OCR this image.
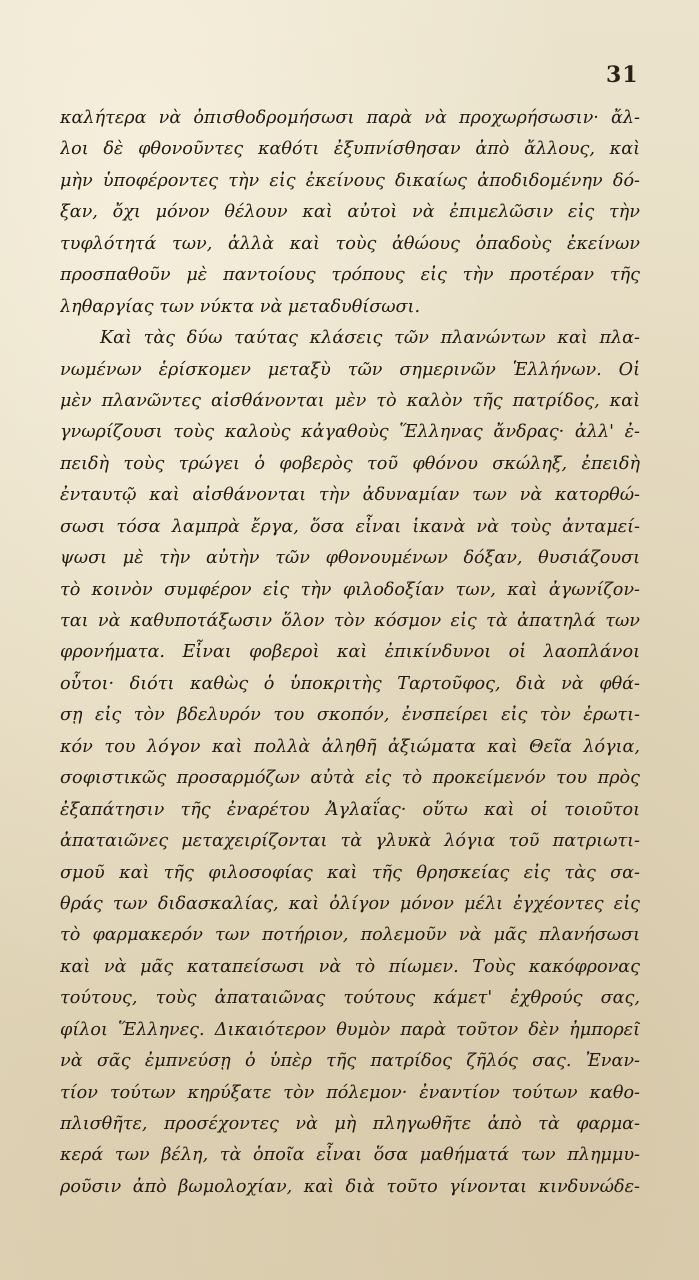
31
καλήτερα νὰ ὀπισθοδρομήσωσι παρὰ νὰ προχωρήσωσιν· ἄλ-
λοι δὲ φθονοῦντες καθότι ἐξυπνίσθησαν ἀπὸ ἄλλους, καὶ
μὴν ὑποφέροντες τὴν εἰς ἐκείνους δικαίως ἀποδιδομένην δό-
ξαν, ὄχι μόνον θέλουν καὶ αὐτοὶ νὰ ἐπιμελῶσιν εἰς τὴν
τυφλότητά των, ἀλλὰ καὶ τοὺς ἀθώους ὀπαδοὺς ἐκείνων
προσπαθοῦν μὲ παντοίους τρόπους εἰς τὴν προτέραν τῆς
ληθαργίας των νύκτα νὰ μεταδυθίσωσι.
Καὶ τὰς δύω ταύτας κλάσεις τῶν πλανώντων καὶ πλα-
νωμένων ἑρίσκομεν μεταξὺ τῶν σημερινῶν Ἑλλήνων. Οἱ
μὲν πλανῶντες αἰσθάνονται μὲν τὸ καλὸν τῆς πατρίδος, καὶ
γνωρίζουσι τοὺς καλοὺς κἀγαθοὺς Ἕλληνας ἄνδρας· ἀλλ' ἐ-
πειδὴ τοὺς τρώγει ὁ φοβερὸς τοῦ φθόνου σκώληξ, ἐπειδὴ
ἐνταυτῷ καὶ αἰσθάνονται τὴν ἀδυναμίαν των νὰ κατορθώ-
σωσι τόσα λαμπρὰ ἔργα, ὅσα εἶναι ἱκανὰ νὰ τοὺς ἀνταμεί-
ψωσι μὲ τὴν αὐτὴν τῶν φθονουμένων δόξαν, θυσιάζουσι
τὸ κοινὸν συμφέρον εἰς τὴν φιλοδοξίαν των, καὶ ἀγωνίζον-
ται νὰ καθυποτάξωσιν ὅλον τὸν κόσμον εἰς τὰ ἀπατηλά των
φρονήματα. Εἶναι φοβεροὶ καὶ ἐπικίνδυνοι οἱ λαοπλάνοι
οὗτοι· διότι καθὼς ὁ ὑποκριτὴς Ταρτοῦφος, διὰ νὰ φθά-
σῃ εἰς τὸν βδελυρόν του σκοπόν, ἐνσπείρει εἰς τὸν ἐρωτι-
κόν του λόγον καὶ πολλὰ ἀληθῆ ἀξιώματα καὶ Θεῖα λόγια,
σοφιστικῶς προσαρμόζων αὐτὰ εἰς τὸ προκείμενόν του πρὸς
ἐξαπάτησιν τῆς ἐναρέτου Ἀγλαΐας· οὕτω καὶ οἱ τοιοῦτοι
ἀπαταιῶνες μεταχειρίζονται τὰ γλυκὰ λόγια τοῦ πατριωτι-
σμοῦ καὶ τῆς φιλοσοφίας καὶ τῆς θρησκείας εἰς τὰς σα-
θράς των διδασκαλίας, καὶ ὀλίγον μόνον μέλι ἐγχέοντες εἰς
τὸ φαρμακερόν των ποτήριον, πολεμοῦν νὰ μᾶς πλανήσωσι
καὶ νὰ μᾶς καταπείσωσι νὰ τὸ πίωμεν. Τοὺς κακόφρονας
τούτους, τοὺς ἀπαταιῶνας τούτους κάμετ' ἐχθρούς σας,
φίλοι Ἕλληνες. Δικαιότερον θυμὸν παρὰ τοῦτον δὲν ἠμπορεῖ
νὰ σᾶς ἐμπνεύσῃ ὁ ὑπὲρ τῆς πατρίδος ζῆλός σας. Ἐναν-
τίον τούτων κηρύξατε τὸν πόλεμον· ἐναντίον τούτων καθο-
πλισθῆτε, προσέχοντες νὰ μὴ πληγωθῆτε ἀπὸ τὰ φαρμα-
κερά των βέλη, τὰ ὁποῖα εἶναι ὅσα μαθήματά των πλημμυ-
ροῦσιν ἀπὸ βωμολοχίαν, καὶ διὰ τοῦτο γίνονται κινδυνώδε-
